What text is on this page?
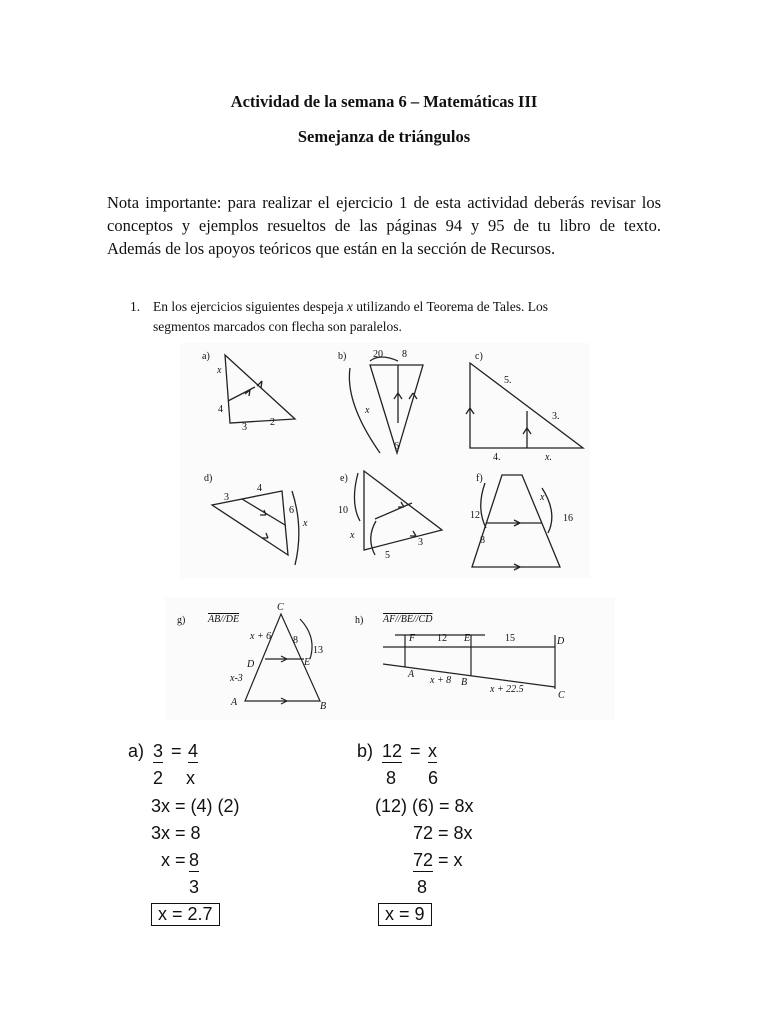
Actividad de la semana 6 – Matemáticas III
Semejanza de triángulos
Nota importante: para realizar el ejercicio 1 de esta actividad deberás revisar los
conceptos y ejemplos resueltos de las páginas 94 y 95 de tu libro de texto.
Además de los apoyos teóricos que están en la sección de Recursos.
1. En los ejercicios siguientes despeja x utilizando el Teorema de Tales. Los
segmentos marcados con flecha son paralelos.
a)
x
4
3 2
b)	20 8
x
6
c)
5.
3.
4.	x.
d)
3
4
6
x
e)
10
x
3
5
f)
12
x
16
8
g) AB//DE
C
x + 6 8
13
D	E
x-3
A	B
h) AF//BE//CD
F 12 E	15	D
A
x + 8 B
x + 22.5
C
a) 3 = 4
2 x
3x = (4) (2)
3x = 8
x =
8
3
x = 2.7
b) 12 = x
8 6
(12) (6) = 8x
72 = 8x
72 = x
8
x = 9
